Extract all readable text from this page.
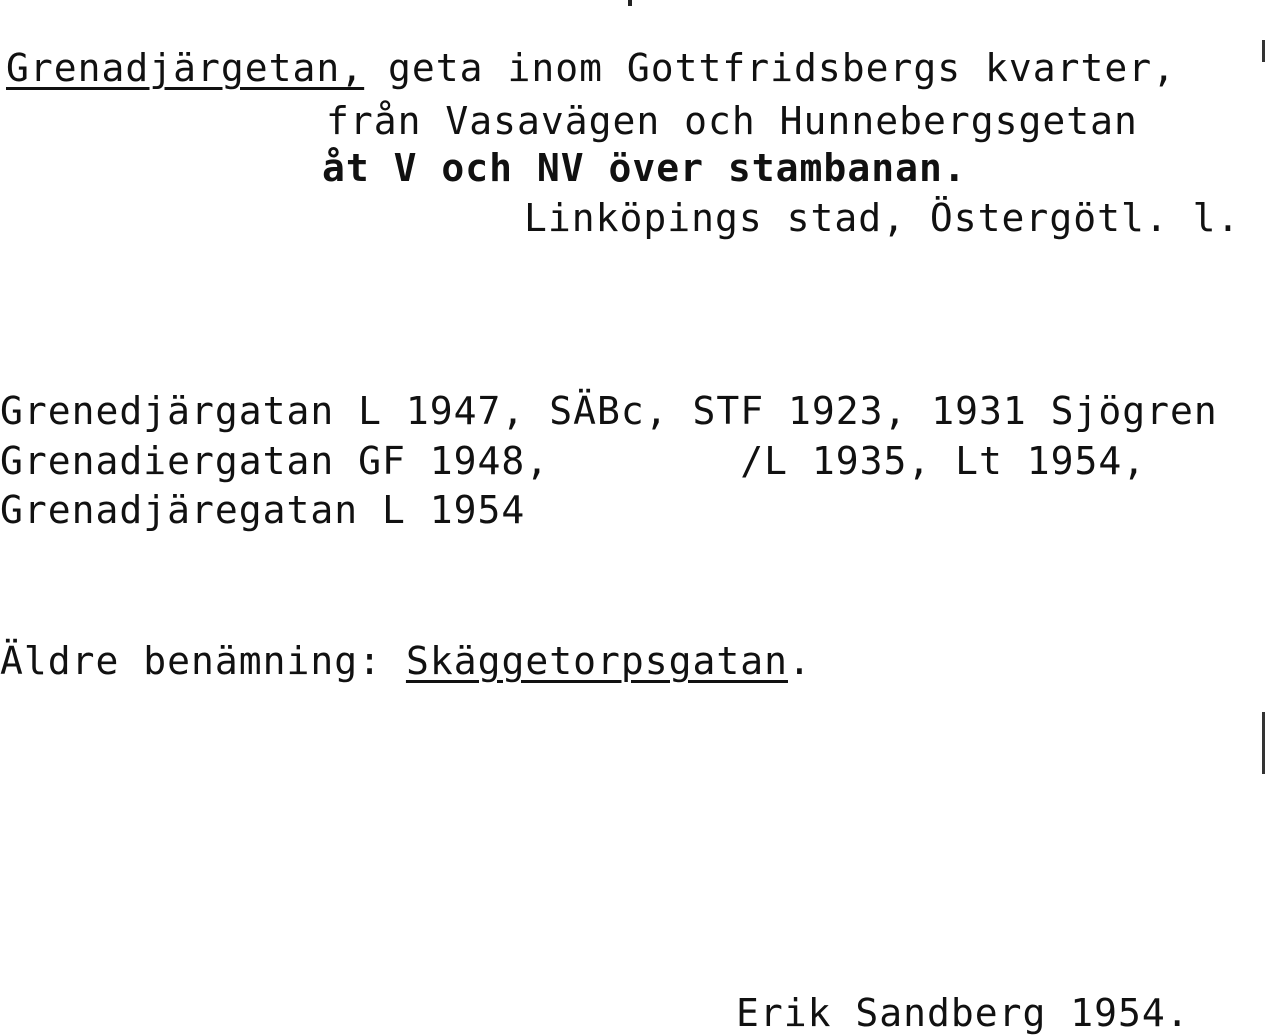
Grenadjärgetan, geta inom Gottfridsbergs kvarter,
från Vasavägen och Hunnebergsgetan
åt V och NV över stambanan.
Linköpings stad, Östergötl. l.
Grenedjärgatan L 1947, SÄBc, STF 1923, 1931 Sjögren
Grenadiergatan GF 1948,        /L 1935, Lt 1954,
Grenadjäregatan L 1954
Äldre benämning: Skäggetorpsgatan.
Erik Sandberg 1954.
